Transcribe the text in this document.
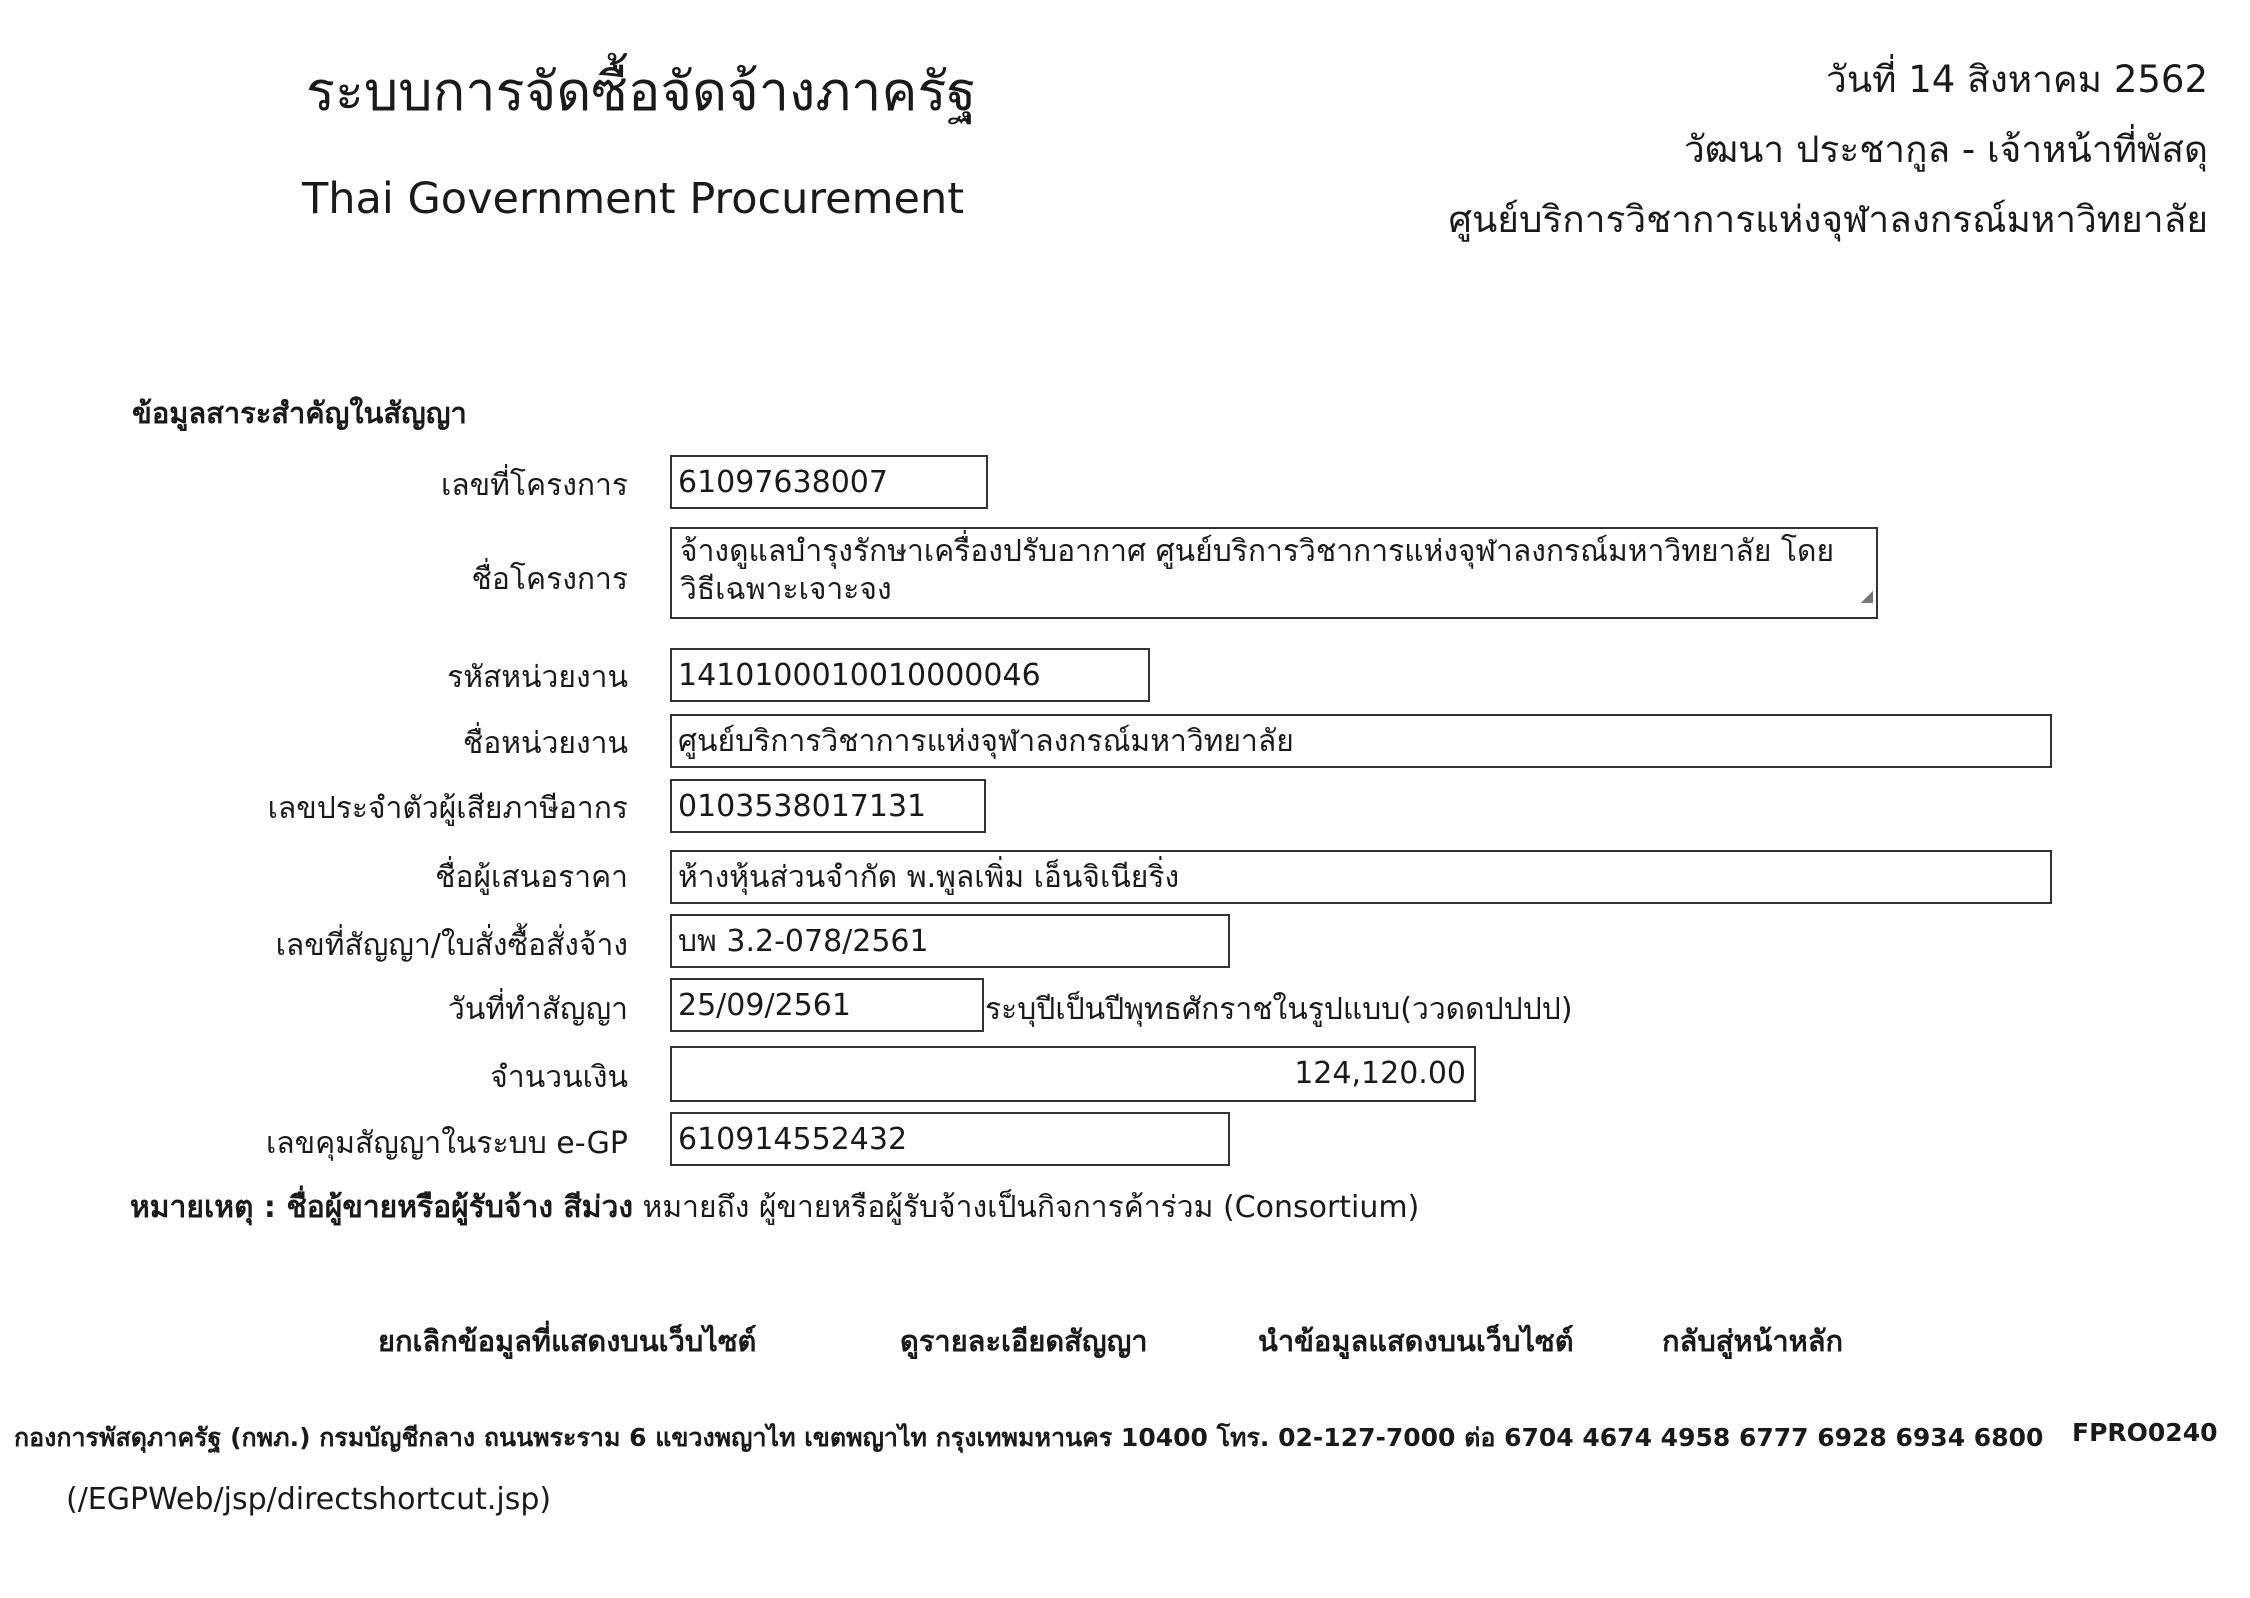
ระบบการจัดซื้อจัดจ้างภาครัฐ
Thai Government Procurement
วันที่ 14 สิงหาคม 2562
วัฒนา ประชากูล - เจ้าหน้าที่พัสดุ
ศูนย์บริการวิชาการแห่งจุฬาลงกรณ์มหาวิทยาลัย
ข้อมูลสาระสำคัญในสัญญา
เลขที่โครงการ 61097638007
ชื่อโครงการ
จ้างดูแลบำรุงรักษาเครื่องปรับอากาศ ศูนย์บริการวิชาการแห่งจุฬาลงกรณ์มหาวิทยาลัย โดยวิธีเฉพาะเจาะจง	◢
รหัสหน่วยงาน 1410100010010000046
ชื่อหน่วยงาน ศูนย์บริการวิชาการแห่งจุฬาลงกรณ์มหาวิทยาลัย
เลขประจำตัวผู้เสียภาษีอากร 0103538017131
ชื่อผู้เสนอราคา ห้างหุ้นส่วนจำกัด พ.พูลเพิ่ม เอ็นจิเนียริ่ง
เลขที่สัญญา/ใบสั่งซื้อสั่งจ้าง บพ 3.2-078/2561
วันที่ทำสัญญา 25/09/2561	ระบุปีเป็นปีพุทธศักราชในรูปแบบ(ววดดปปปป)
จำนวนเงิน	124,120.00
เลขคุมสัญญาในระบบ e-GP 610914552432
หมายเหตุ : ชื่อผู้ขายหรือผู้รับจ้าง สีม่วง หมายถึง ผู้ขายหรือผู้รับจ้างเป็นกิจการค้าร่วม (Consortium)
ยกเลิกข้อมูลที่แสดงบนเว็บไซต์	ดูรายละเอียดสัญญา	นำข้อมูลแสดงบนเว็บไซต์	กลับสู่หน้าหลัก
กองการพัสดุภาครัฐ (กพภ.) กรมบัญชีกลาง ถนนพระราม 6 แขวงพญาไท เขตพญาไท กรุงเทพมหานคร 10400 โทร. 02-127-7000 ต่อ 6704 4674 4958 6777 6928 6934 6800 FPRO0240
(/EGPWeb/jsp/directshortcut.jsp)
